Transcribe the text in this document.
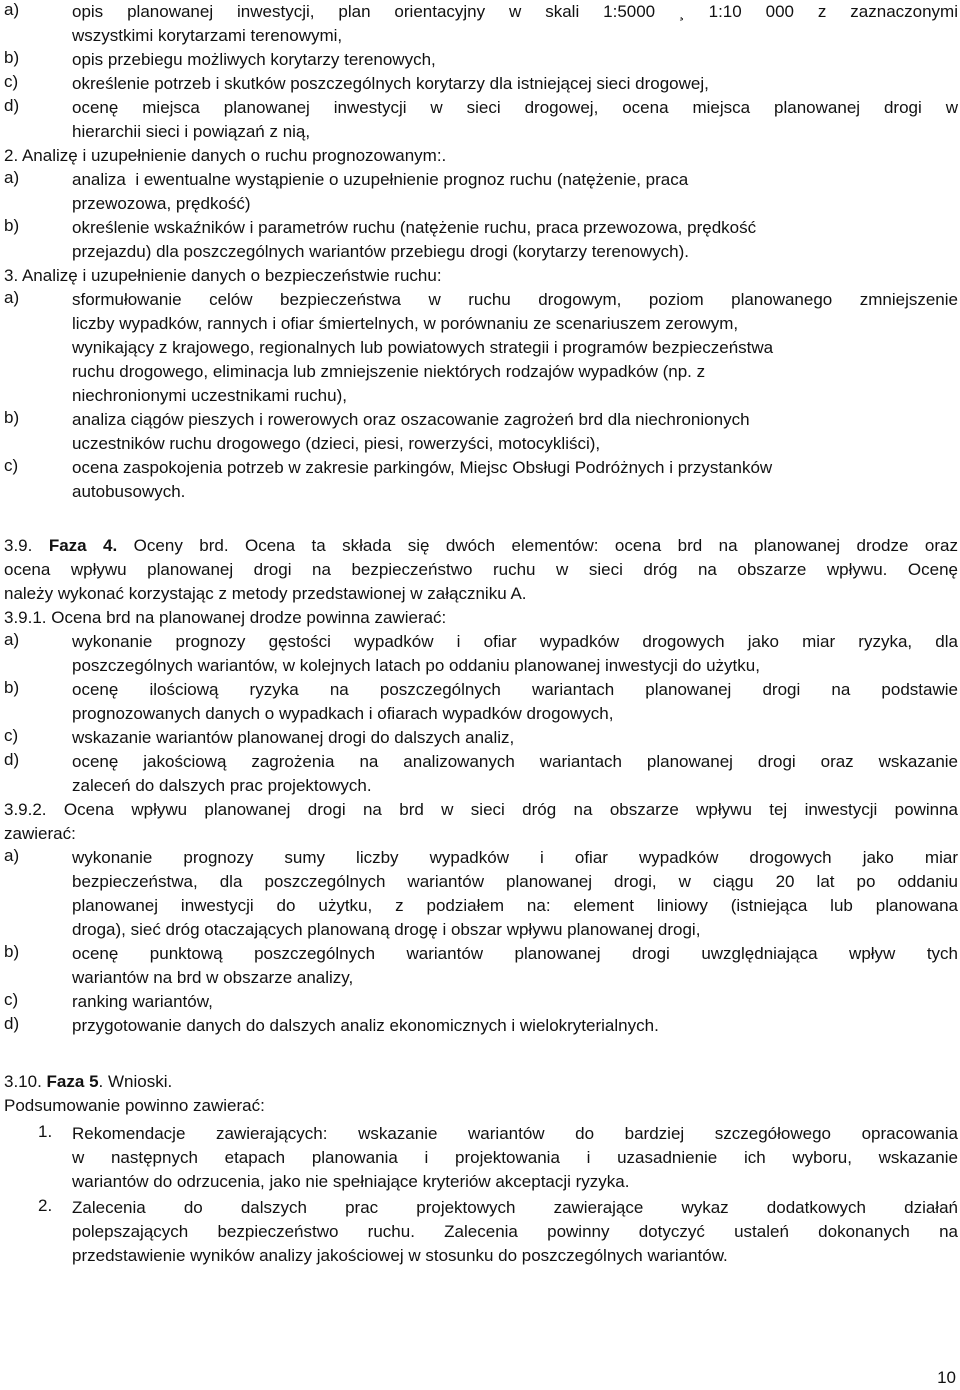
a)	opis planowanej inwestycji, plan orientacyjny w skali 1:5000 ¸ 1:10 000 z zaznaczonymi
wszystkimi korytarzami terenowymi,
b)	opis przebiegu możliwych korytarzy terenowych,
c)	określenie potrzeb i skutków poszczególnych korytarzy dla istniejącej sieci drogowej,
d)	ocenę miejsca planowanej inwestycji w sieci drogowej, ocena miejsca planowanej drogi w
hierarchii sieci i powiązań z nią,
2. Analizę i uzupełnienie danych o ruchu prognozowanym:.
a)	analiza  i ewentualne wystąpienie o uzupełnienie prognoz ruchu (natężenie, praca
przewozowa, prędkość)
b)	określenie wskaźników i parametrów ruchu (natężenie ruchu, praca przewozowa, prędkość
przejazdu) dla poszczególnych wariantów przebiegu drogi (korytarzy terenowych).
3. Analizę i uzupełnienie danych o bezpieczeństwie ruchu:
a)	sformułowanie celów bezpieczeństwa w ruchu drogowym, poziom planowanego zmniejszenie
liczby wypadków, rannych i ofiar śmiertelnych, w porównaniu ze scenariuszem zerowym,
wynikający z krajowego, regionalnych lub powiatowych strategii i programów bezpieczeństwa
ruchu drogowego, eliminacja lub zmniejszenie niektórych rodzajów wypadków (np. z
niechronionymi uczestnikami ruchu),
b)	analiza ciągów pieszych i rowerowych oraz oszacowanie zagrożeń brd dla niechronionych
uczestników ruchu drogowego (dzieci, piesi, rowerzyści, motocykliści),
c)	ocena zaspokojenia potrzeb w zakresie parkingów, Miejsc Obsługi Podróżnych i przystanków
autobusowych.
3.9. Faza 4. Oceny brd. Ocena ta składa się dwóch elementów: ocena brd na planowanej drodze oraz
ocena wpływu planowanej drogi na bezpieczeństwo ruchu w sieci dróg na obszarze wpływu. Ocenę
należy wykonać korzystając z metody przedstawionej w załączniku A.
3.9.1. Ocena brd na planowanej drodze powinna zawierać:
a)	wykonanie prognozy gęstości wypadków i ofiar wypadków drogowych jako miar ryzyka, dla
poszczególnych wariantów, w kolejnych latach po oddaniu planowanej inwestycji do użytku,
b)	ocenę ilościową ryzyka na poszczególnych wariantach planowanej drogi na podstawie
prognozowanych danych o wypadkach i ofiarach wypadków drogowych,
c)	wskazanie wariantów planowanej drogi do dalszych analiz,
d)	ocenę jakościową zagrożenia na analizowanych wariantach planowanej drogi oraz wskazanie
zaleceń do dalszych prac projektowych.
3.9.2. Ocena wpływu planowanej drogi na brd w sieci dróg na obszarze wpływu tej inwestycji powinna
zawierać:
a)	wykonanie prognozy sumy liczby wypadków i ofiar wypadków drogowych jako miar
bezpieczeństwa, dla poszczególnych wariantów planowanej drogi, w ciągu 20 lat po oddaniu
planowanej inwestycji do użytku, z podziałem na: element liniowy (istniejąca lub planowana
droga), sieć dróg otaczających planowaną drogę i obszar wpływu planowanej drogi,
b)	ocenę punktową poszczególnych wariantów planowanej drogi uwzględniająca wpływ tych
wariantów na brd w obszarze analizy,
c)	ranking wariantów,
d)	przygotowanie danych do dalszych analiz ekonomicznych i wielokryterialnych.
3.10. Faza 5. Wnioski.
Podsumowanie powinno zawierać:
1. Rekomendacje zawierających: wskazanie wariantów do bardziej szczegółowego opracowania
w następnych etapach planowania i projektowania i uzasadnienie ich wyboru, wskazanie
wariantów do odrzucenia, jako nie spełniające kryteriów akceptacji ryzyka.
2. Zalecenia do dalszych prac projektowych zawierające wykaz dodatkowych działań
polepszających bezpieczeństwo ruchu. Zalecenia powinny dotyczyć ustaleń dokonanych na
przedstawienie wyników analizy jakościowej w stosunku do poszczególnych wariantów.
10
